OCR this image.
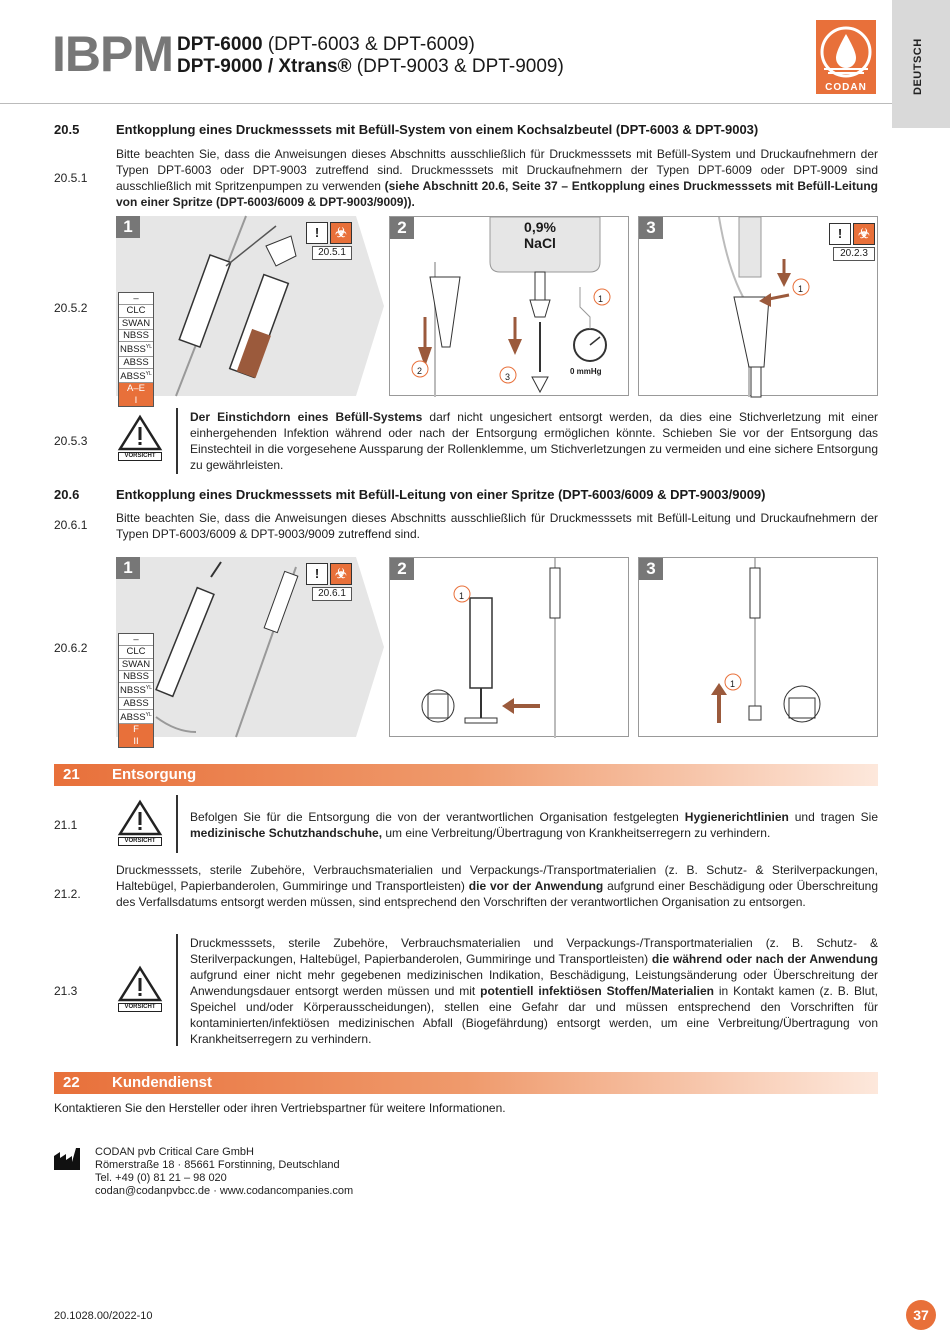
IBPM DPT-6000 (DPT-6003 & DPT-6009)
DPT-9000 / Xtrans® (DPT-9003 & DPT-9009)
CODAN	DEUTSCH
20.5	Entkopplung eines Druckmesssets mit Befüll-System von einem Kochsalzbeutel (DPT-6003 & DPT-9003)
20.5.1
Bitte beachten Sie, dass die Anweisungen dieses Abschnitts ausschließlich für Druckmesssets mit Befüll-System und Druckaufnehmern der Typen DPT-6003 oder DPT-9003 zutreffend sind. Druckmesssets mit Druckaufnehmern der Typen DPT-6009 oder DPT-9009 sind ausschließlich mit Spritzenpumpen zu verwenden (siehe Abschnitt 20.6, Seite 37 – Entkopplung eines Druckmesssets mit Befüll-Leitung von einer Spritze (DPT-6003/6009 & DPT-9003/9009)).
20.5.2
1	!	☣
20.5.1
–
CLC
SWAN
NBSS
$NBSS^{YL}$
ABSS
$ABSS^{YL}$
A–E
I
2	0,9%
NaCl
0 mmHg
1
2
3
3
1
!	☣
20.2.3
20.5.3
VORSICHT
Der Einstichdorn eines Befüll-Systems darf nicht ungesichert entsorgt werden, da dies eine Stichverletzung mit einer einhergehenden Infektion während oder nach der Entsorgung ermöglichen könnte. Schieben Sie vor der Entsorgung das Einstechteil in die vorgesehene Aussparung der Rollenklemme, um Stichverletzungen zu vermeiden und eine sichere Entsorgung zu gewährleisten.
20.6	Entkopplung eines Druckmesssets mit Befüll-Leitung von einer Spritze (DPT-6003/6009 & DPT-9003/9009)
20.6.1 Bitte beachten Sie, dass die Anweisungen dieses Abschnitts ausschließlich für Druckmesssets mit Befüll-Leitung und Druckaufnehmern der Typen DPT-6003/6009 & DPT-9003/9009 zutreffend sind.
20.6.2
1	!	☣
20.6.1
–
CLC
SWAN
NBSS
$NBSS^{YL}$
ABSS
$ABSS^{YL}$
F
II
2
1
3
1
21 Entsorgung
21.1
VORSICHT
Befolgen Sie für die Entsorgung die von der verantwortlichen Organisation festgelegten Hygienerichtlinien und tragen Sie medizinische Schutzhandschuhe, um eine Verbreitung/Übertragung von Krankheitserregern zu verhindern.
21.2.
Druckmesssets, sterile Zubehöre, Verbrauchsmaterialien und Verpackungs-/Transportmaterialien (z. B. Schutz- & Sterilverpackungen, Haltebügel, Papierbanderolen, Gummiringe und Transportleisten) die vor der Anwendung aufgrund einer Beschädigung oder Überschreitung des Verfallsdatums entsorgt werden müssen, sind entsprechend den Vorschriften der verantwortlichen Organisation zu entsorgen.
21.3
VORSICHT
Druckmesssets, sterile Zubehöre, Verbrauchsmaterialien und Verpackungs-/Transportmaterialien (z. B. Schutz- & Sterilverpackungen, Haltebügel, Papierbanderolen, Gummiringe und Transportleisten) die während oder nach der Anwendung aufgrund einer nicht mehr gegebenen medizinischen Indikation, Beschädigung, Leistungsänderung oder Überschreitung der Anwendungsdauer entsorgt werden müssen und mit potentiell infektiösen Stoffen/Materialien in Kontakt kamen (z. B. Blut, Speichel und/oder Körperausscheidungen), stellen eine Gefahr dar und müssen entsprechend den Vorschriften für kontaminierten/infektiösen medizinischen Abfall (Biogefährdung) entsorgt werden, um eine Verbreitung/Übertragung von Krankheitserregern zu verhindern.
22 Kundendienst
Kontaktieren Sie den Hersteller oder ihren Vertriebspartner für weitere Informationen.
CODAN pvb Critical Care GmbH
Römerstraße 18 · 85661 Forstinning, Deutschland
Tel. +49 (0) 81 21 – 98 020
codan@codanpvbcc.de · www.codancompanies.com
20.1028.00/2022-10	37
